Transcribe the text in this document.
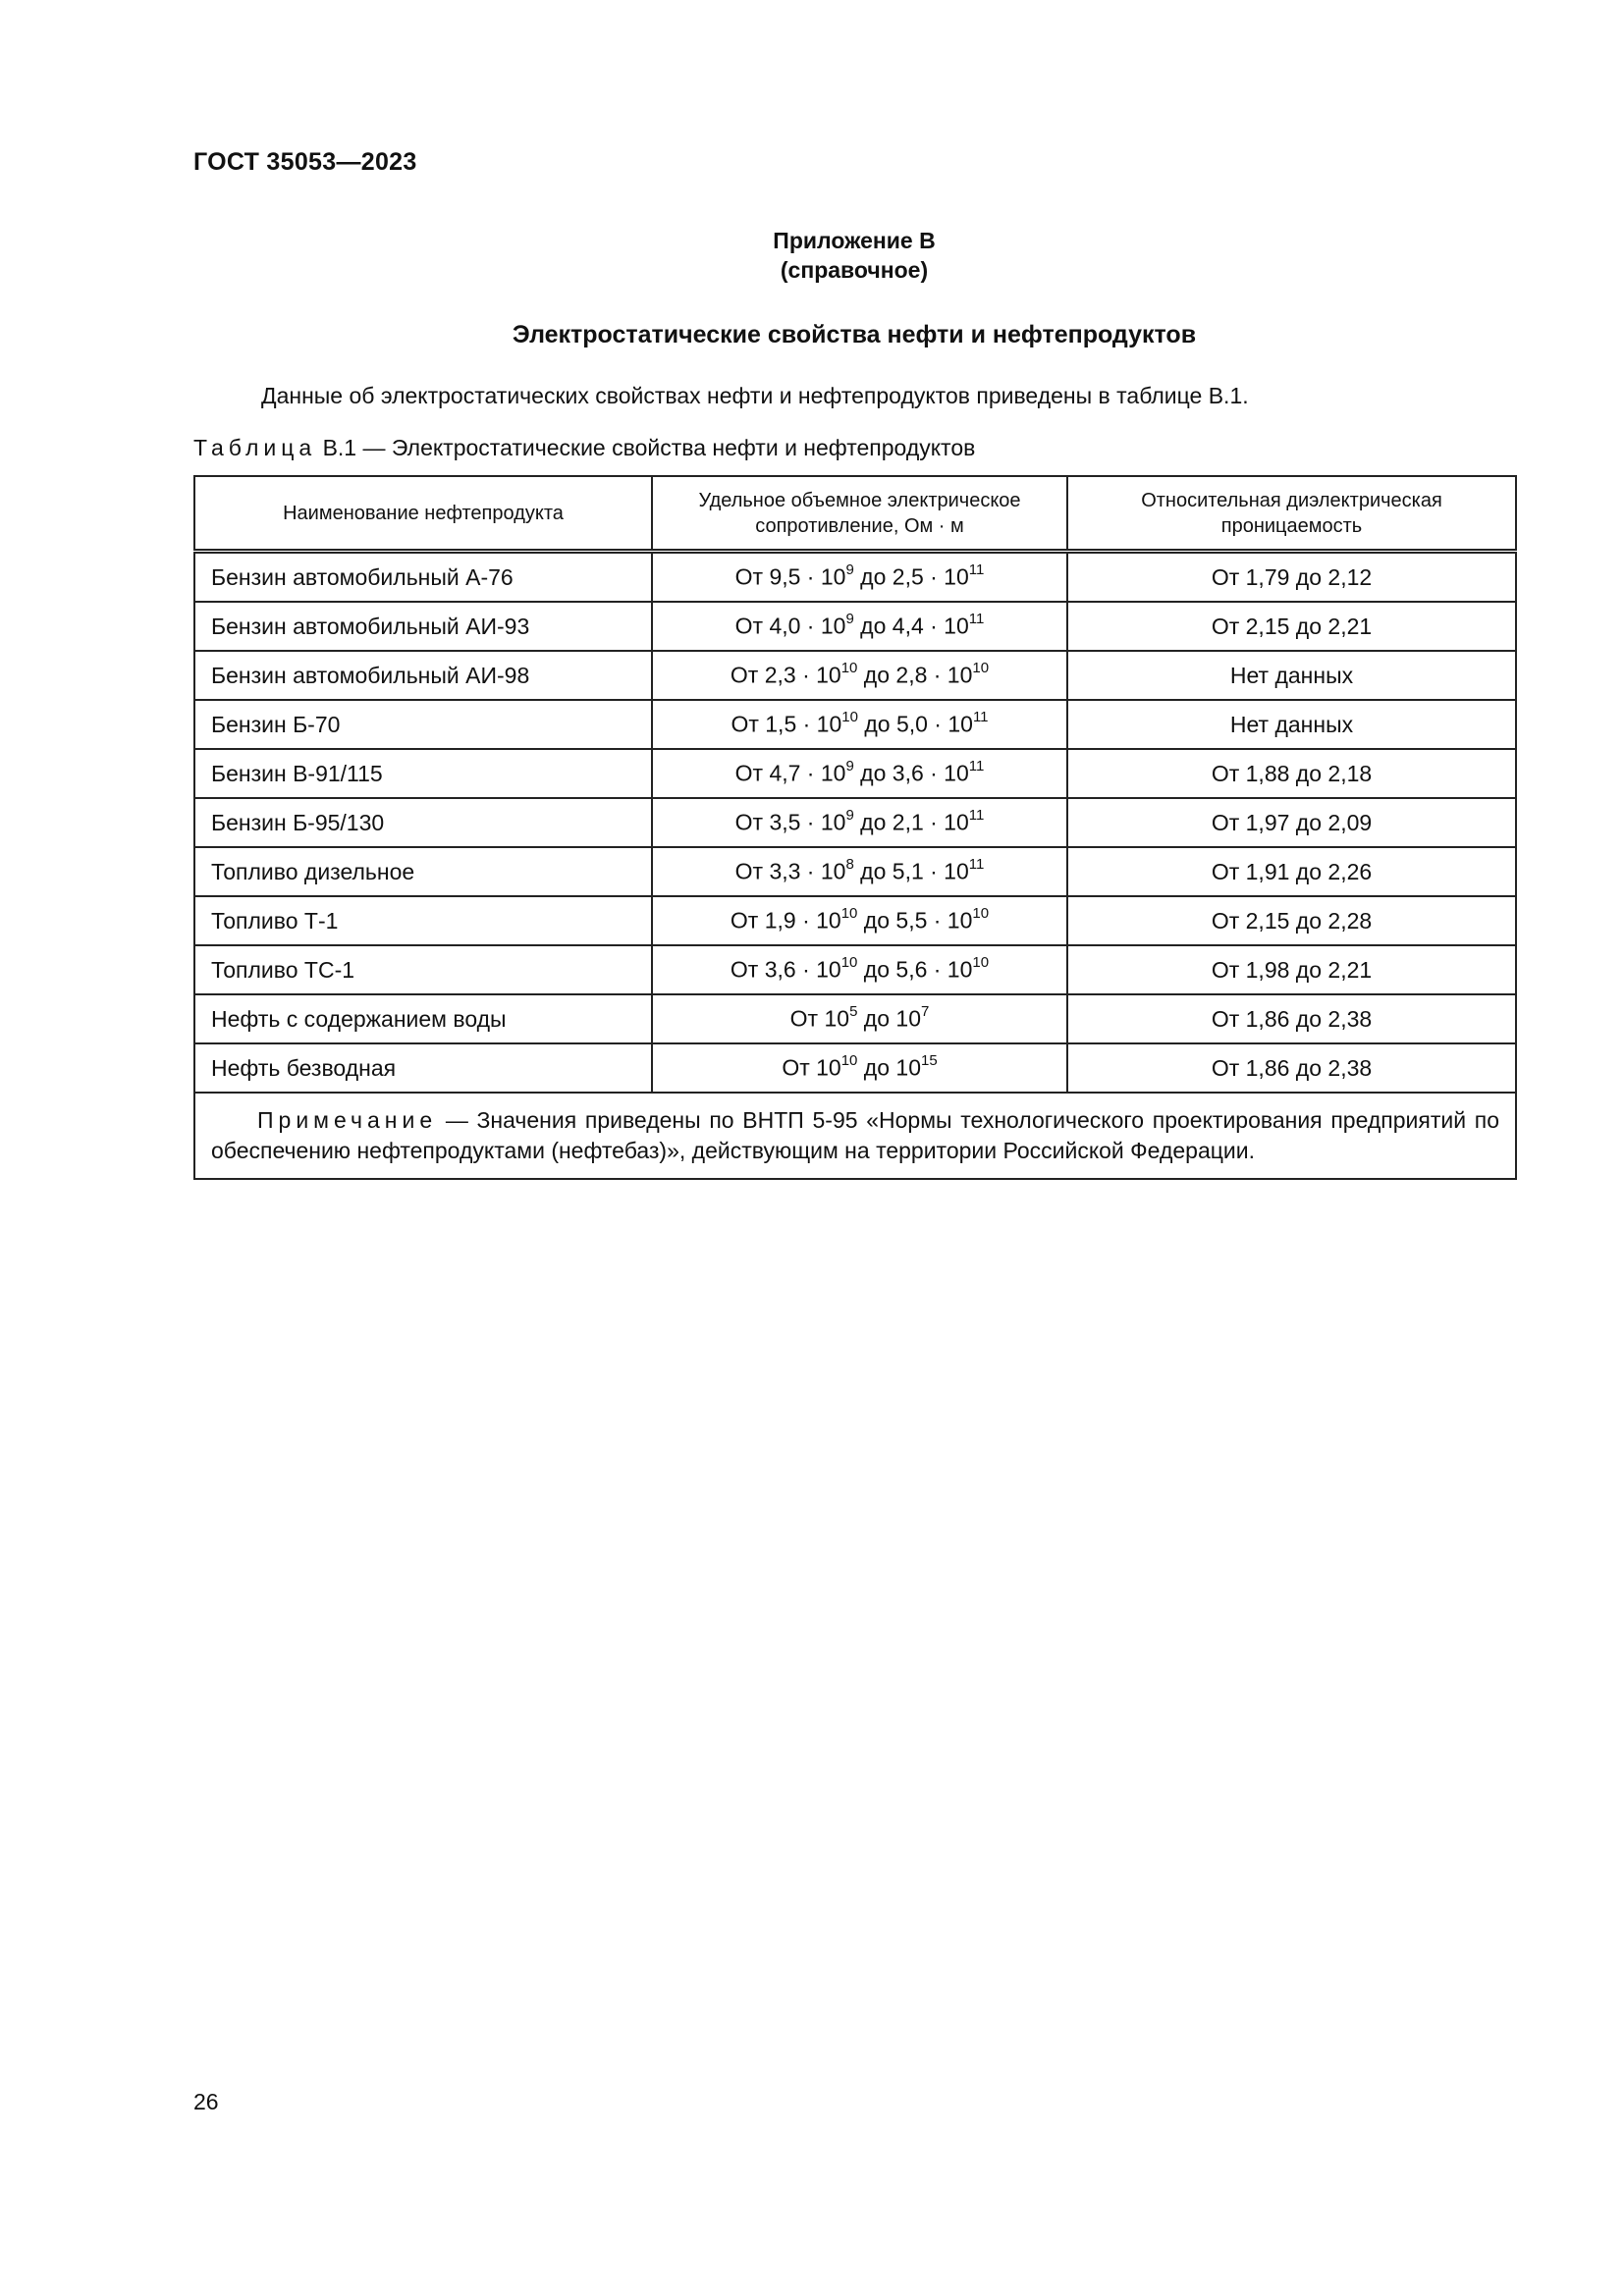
ГОСТ 35053—2023
Приложение В
(справочное)
Электростатические свойства нефти и нефтепродуктов
Данные об электростатических свойствах нефти и нефтепродуктов приведены в таблице В.1.
Таблица В.1 — Электростатические свойства нефти и нефтепродуктов
Наименование нефтепродукта	Удельное объемное электрическое сопротивление, Ом · м	Относительная диэлектрическая проницаемость
Бензин автомобильный А-76	От $9,5 \cdot 10^9$ до $2,5 \cdot 10^{11}$	От 1,79 до 2,12
Бензин автомобильный АИ-93	От $4,0 \cdot 10^9$ до $4,4 \cdot 10^{11}$	От 2,15 до 2,21
Бензин автомобильный АИ-98	От $2,3 \cdot 10^{10}$ до $2,8 \cdot 10^{10}$	Нет данных
Бензин Б-70	От $1,5 \cdot 10^{10}$ до $5,0 \cdot 10^{11}$	Нет данных
Бензин В-91/115	От $4,7 \cdot 10^9$ до $3,6 \cdot 10^{11}$	От 1,88 до 2,18
Бензин Б-95/130	От $3,5 \cdot 10^9$ до $2,1 \cdot 10^{11}$	От 1,97 до 2,09
Топливо дизельное	От $3,3 \cdot 10^8$ до $5,1 \cdot 10^{11}$	От 1,91 до 2,26
Топливо Т-1	От $1,9 \cdot 10^{10}$ до $5,5 \cdot 10^{10}$	От 2,15 до 2,28
Топливо ТС-1	От $3,6 \cdot 10^{10}$ до $5,6 \cdot 10^{10}$	От 1,98 до 2,21
Нефть с содержанием воды	От $10^5$ до $10^7$	От 1,86 до 2,38
Нефть безводная	От $10^{10}$ до $10^{15}$	От 1,86 до 2,38
Примечание — Значения приведены по ВНТП 5-95 «Нормы технологического проектирования предприятий по обеспечению нефтепродуктами (нефтебаз)», действующим на территории Российской Федерации.		
26
